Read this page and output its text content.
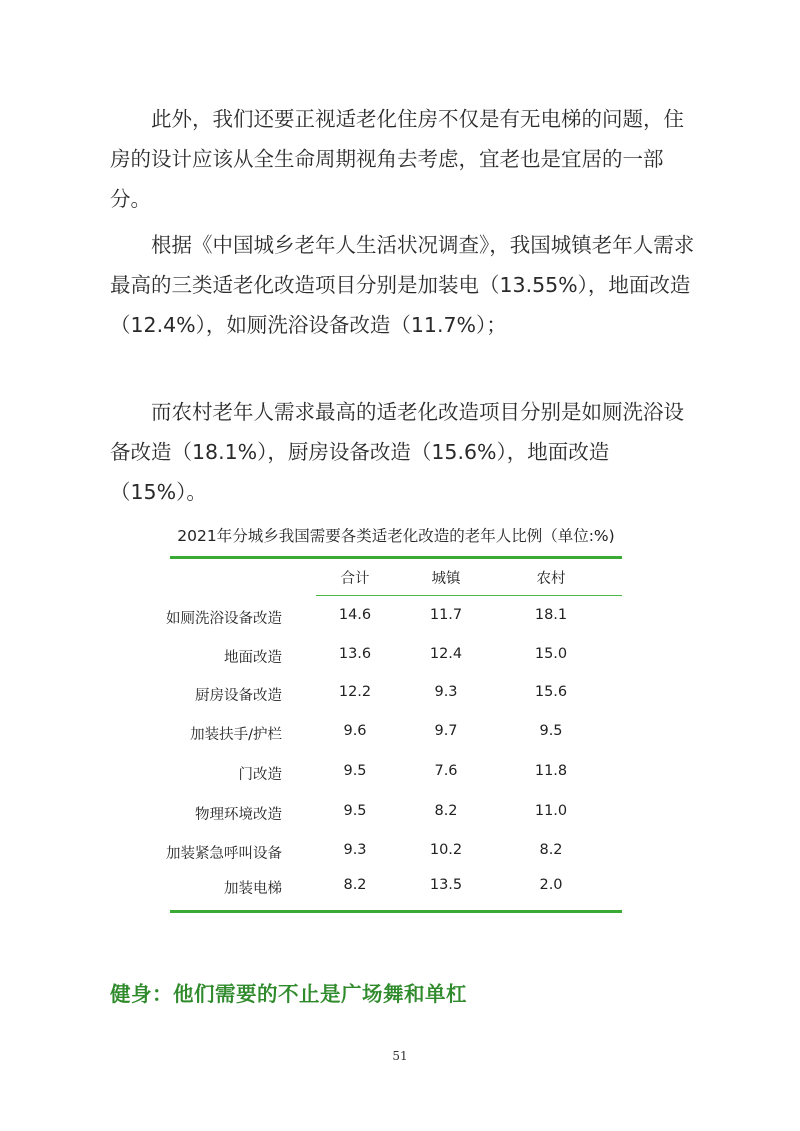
此外，我们还要正视适老化住房不仅是有无电梯的问题，住房的设计应该从全生命周期视角去考虑，宜老也是宜居的一部分。
根据《中国城乡老年人生活状况调查》，我国城镇老年人需求最高的三类适老化改造项目分别是加装电（13.55%），地面改造（12.4%），如厕洗浴设备改造（11.7%）；
而农村老年人需求最高的适老化改造项目分别是如厕洗浴设备改造（18.1%），厨房设备改造（15.6%），地面改造（15%）。
2021年分城乡我国需要各类适老化改造的老年人比例（单位:%)
合计	城镇	农村
如厕洗浴设备改造	14.6	11.7	18.1
地面改造	13.6	12.4	15.0
厨房设备改造	12.2	9.3	15.6
加装扶手/护栏	9.6	9.7	9.5
门改造	9.5	7.6	11.8
物理环境改造	9.5	8.2	11.0
加装紧急呼叫设备	9.3	10.2	8.2
加装电梯	8.2	13.5	2.0
健身：他们需要的不止是广场舞和单杠
51
